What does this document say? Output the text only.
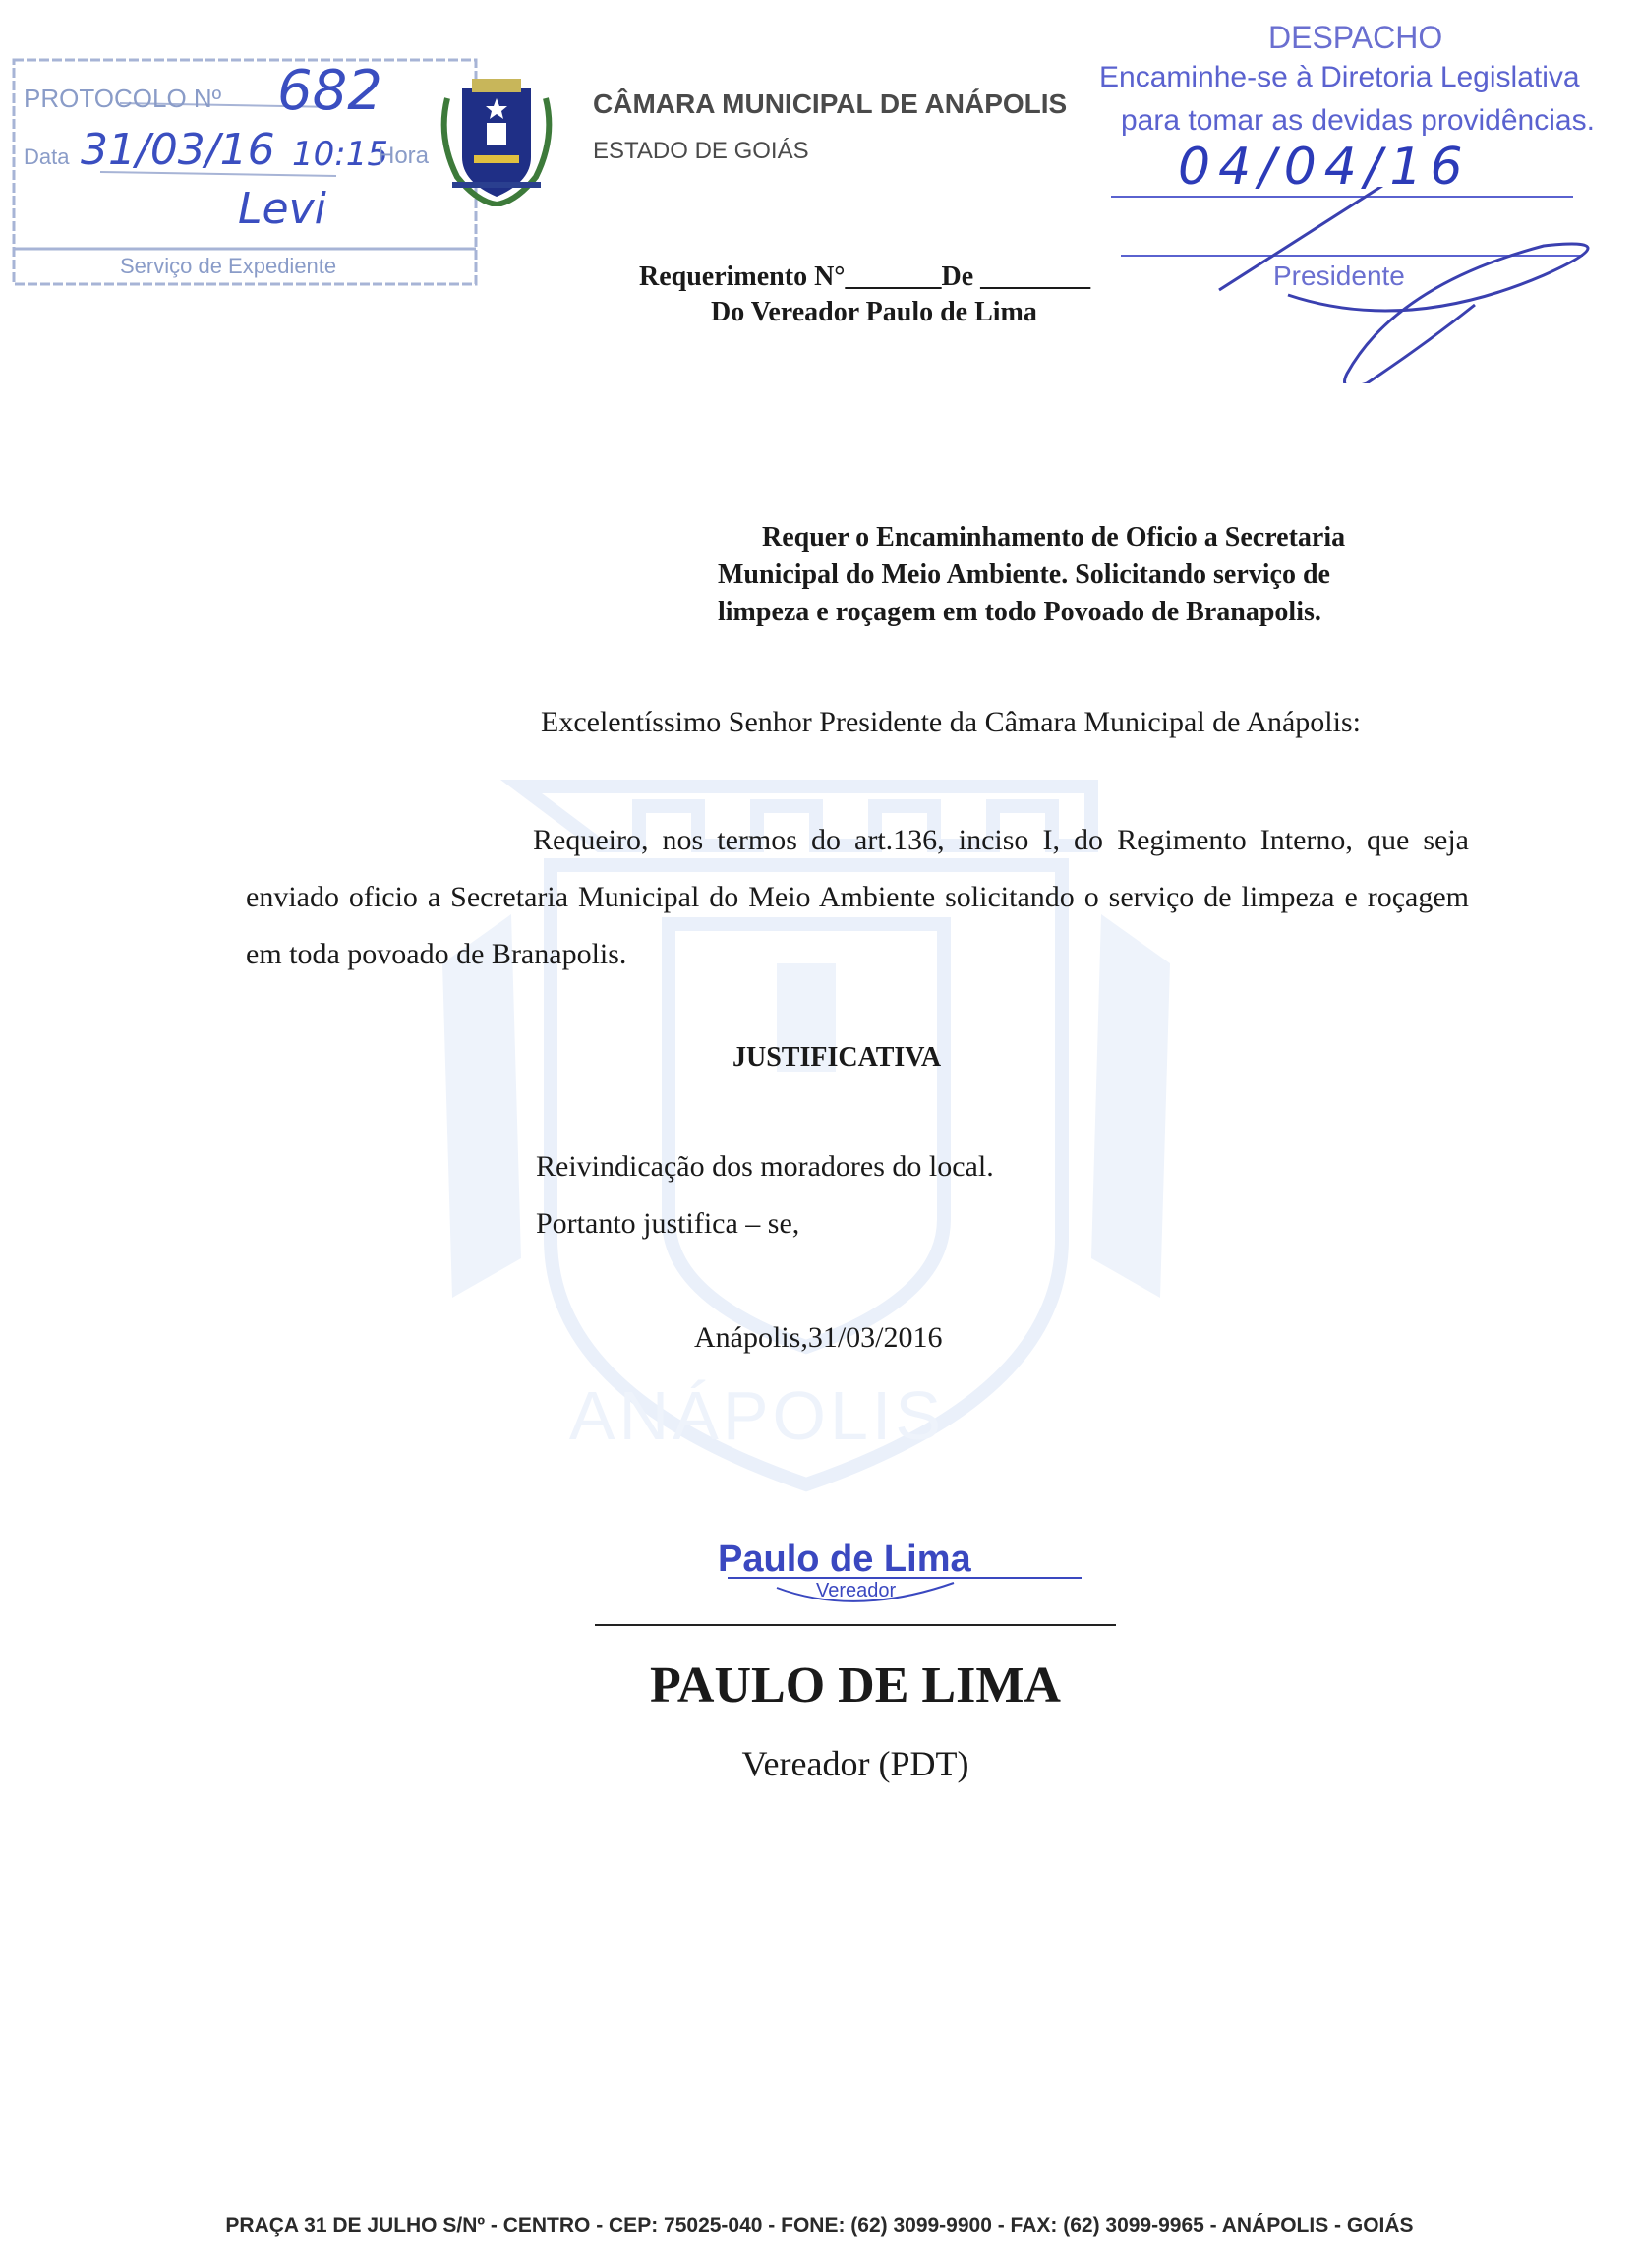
ANÁPOLIS
PROTOCOLO Nº 682
Data 31/03/16 10:15
Hora
Levi
Serviço de Expediente
CÂMARA MUNICIPAL DE ANÁPOLIS
ESTADO DE GOIÁS
DESPACHO
Encaminhe-se à Diretoria Legislativa
para tomar as devidas providências.
04/04/16
Presidente
Requerimento N°_______De ________
Do Vereador Paulo de Lima
Requer o Encaminhamento de Oficio a Secretaria
Municipal do Meio Ambiente. Solicitando serviço de
limpeza e roçagem em todo Povoado de Branapolis.
Excelentíssimo Senhor Presidente da Câmara Municipal de Anápolis:
Requeiro, nos termos do art.136, inciso I, do Regimento Interno, que seja enviado oficio a Secretaria Municipal do Meio Ambiente solicitando o serviço de limpeza e roçagem em toda povoado de Branapolis.
JUSTIFICATIVA
Reivindicação dos moradores do local.
Portanto justifica – se,
Anápolis,31/03/2016
Paulo de Lima
Vereador
PAULO DE LIMA
Vereador (PDT)
PRAÇA 31 DE JULHO S/Nº - CENTRO - CEP: 75025-040 - FONE: (62) 3099-9900 - FAX: (62) 3099-9965 - ANÁPOLIS - GOIÁS
